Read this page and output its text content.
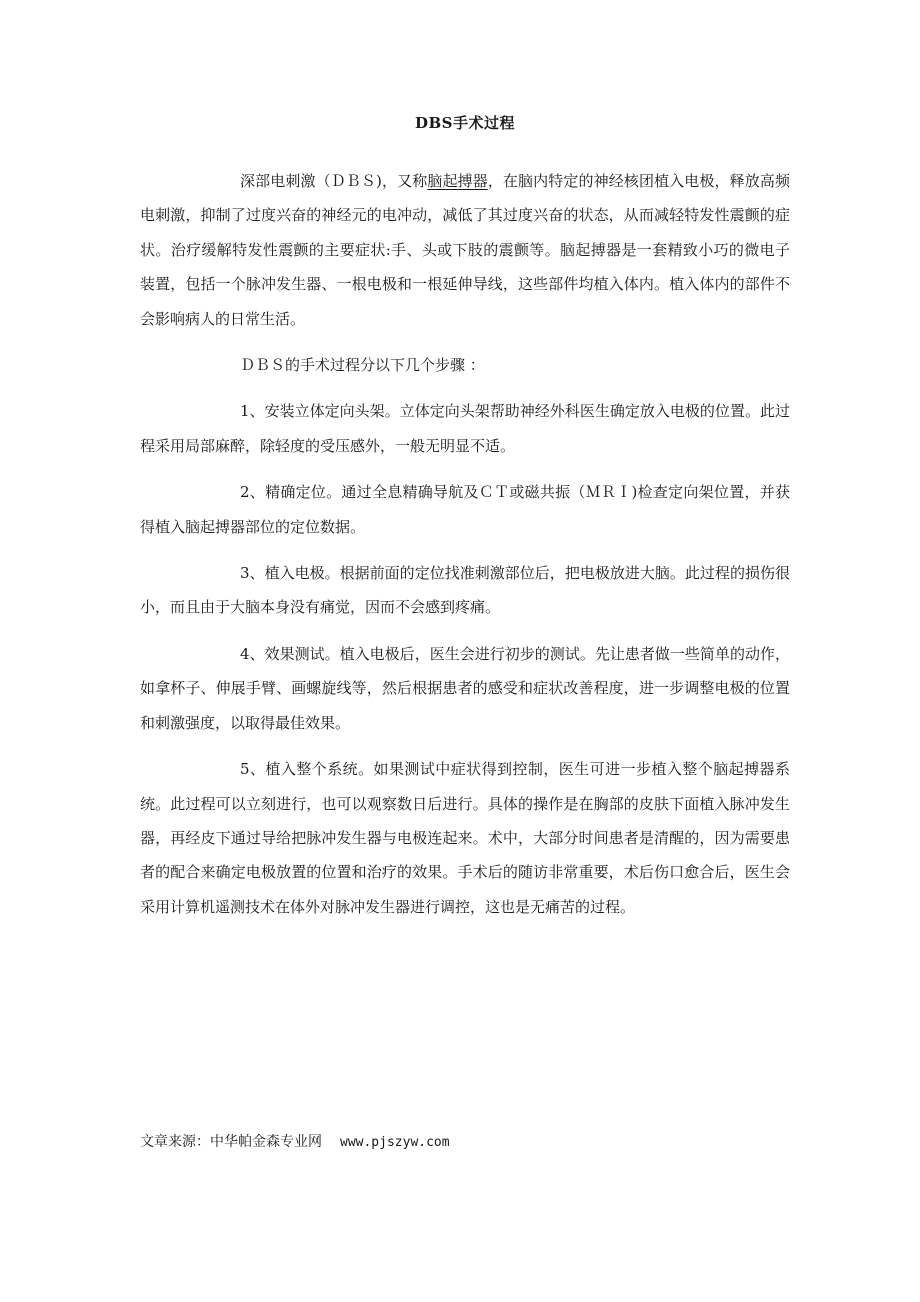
DBS手术过程

深部电刺激（ＤＢＳ)，又称脑起搏器，在脑内特定的神经核团植入电极，释放高频电刺激，抑制了过度兴奋的神经元的电冲动，减低了其过度兴奋的状态，从而减轻特发性震颤的症状。治疗缓解特发性震颤的主要症状:手、头或下肢的震颤等。脑起搏器是一套精致小巧的微电子装置，包括一个脉冲发生器、一根电极和一根延伸导线，这些部件均植入体内。植入体内的部件不会影响病人的日常生活。

ＤＢＳ的手术过程分以下几个步骤 ：

1、安装立体定向头架。立体定向头架帮助神经外科医生确定放入电极的位置。此过程采用局部麻醉，除轻度的受压感外，一般无明显不适。

2、精确定位。通过全息精确导航及ＣＴ或磁共振（ＭＲＩ)检查定向架位置，并获得植入脑起搏器部位的定位数据。

3、植入电极。根据前面的定位找准刺激部位后，把电极放进大脑。此过程的损伤很小，而且由于大脑本身没有痛觉，因而不会感到疼痛。

4、效果测试。植入电极后，医生会进行初步的测试。先让患者做一些简单的动作，如拿杯子、伸展手臂、画螺旋线等，然后根据患者的感受和症状改善程度，进一步调整电极的位置和刺激强度，以取得最佳效果。

5、植入整个系统。如果测试中症状得到控制，医生可进一步植入整个脑起搏器系统。此过程可以立刻进行，也可以观察数日后进行。具体的操作是在胸部的皮肤下面植入脉冲发生器，再经皮下通过导给把脉冲发生器与电极连起来。术中，大部分时间患者是清醒的，因为需要患者的配合来确定电极放置的位置和治疗的效果。手术后的随访非常重要，术后伤口愈合后，医生会采用计算机遥测技术在体外对脉冲发生器进行调控，这也是无痛苦的过程。

文章来源：中华帕金森专业网 www.pjszyw.com
